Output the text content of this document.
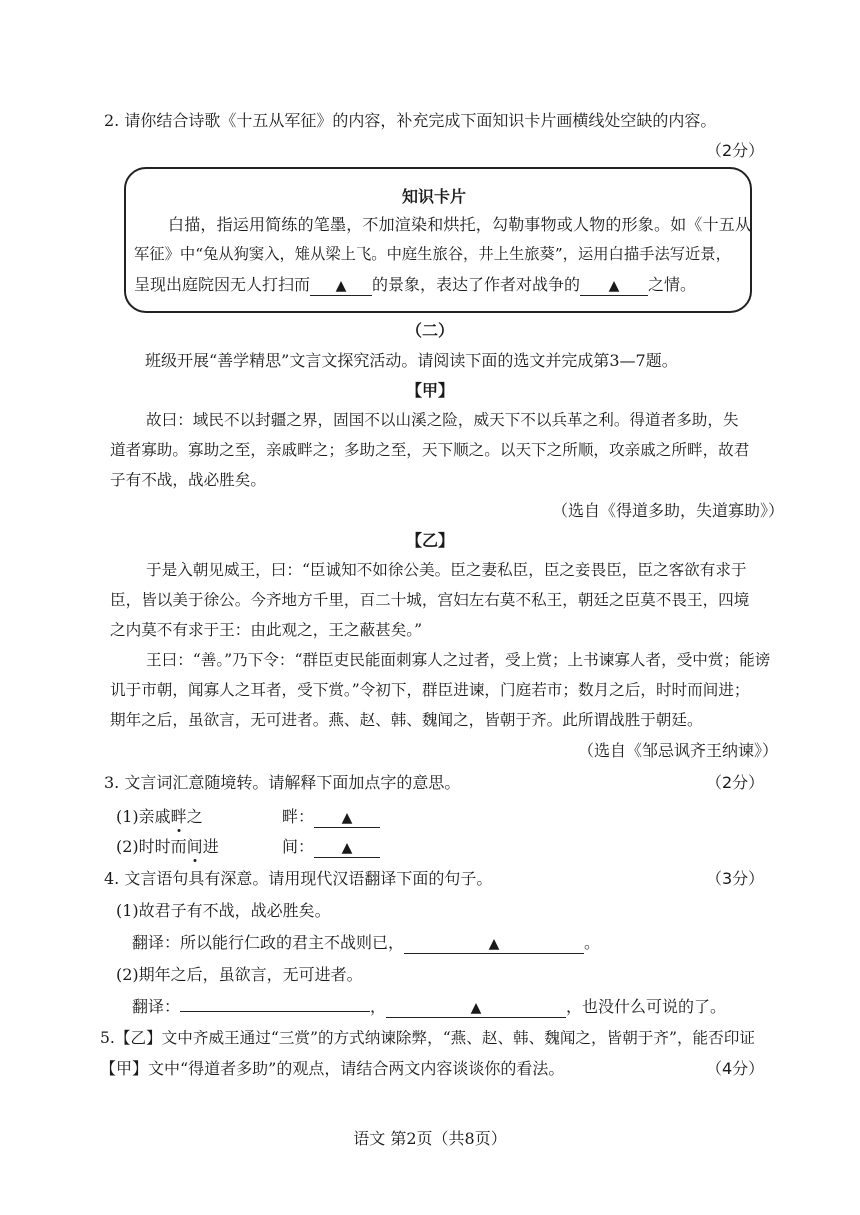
2. 请你结合诗歌《十五从军征》的内容，补充完成下面知识卡片画横线处空缺的内容。
（2分）
知识卡片
白描，指运用简练的笔墨，不加渲染和烘托，勾勒事物或人物的形象。如《十五从
军征》中“兔从狗窦入，雉从梁上飞。中庭生旅谷，井上生旅葵”，运用白描手法写近景，
呈现出庭院因无人打扫而 ▲ 的景象，表达了作者对战争的 ▲ 之情。
（二）
班级开展“善学精思”文言文探究活动。请阅读下面的选文并完成第3—7题。
【甲】
故曰：域民不以封疆之界，固国不以山溪之险，威天下不以兵革之利。得道者多助，失
道者寡助。寡助之至，亲戚畔之；多助之至，天下顺之。以天下之所顺，攻亲戚之所畔，故君
子有不战，战必胜矣。
（选自《得道多助，失道寡助》）
【乙】
于是入朝见威王，曰：“臣诚知不如徐公美。臣之妻私臣，臣之妾畏臣，臣之客欲有求于
臣，皆以美于徐公。今齐地方千里，百二十城，宫妇左右莫不私王，朝廷之臣莫不畏王，四境
之内莫不有求于王：由此观之，王之蔽甚矣。”
王曰：“善。”乃下令：“群臣吏民能面刺寡人之过者，受上赏；上书谏寡人者，受中赏；能谤
讥于市朝，闻寡人之耳者，受下赏。”令初下，群臣进谏，门庭若市；数月之后，时时而间进；
期年之后，虽欲言，无可进者。燕、赵、韩、魏闻之，皆朝于齐。此所谓战胜于朝廷。
（选自《邹忌讽齐王纳谏》）
3. 文言词汇意随境转。请解释下面加点字的意思。	（2分）
(1)亲戚畔之	畔： ▲
(2)时时而间进	间： ▲
4. 文言语句具有深意。请用现代汉语翻译下面的句子。	（3分）
(1)故君子有不战，战必胜矣。
翻译：所以能行仁政的君主不战则已，	▲	。
(2)期年之后，虽欲言，无可进者。
翻译：	，	▲	，也没什么可说的了。
5.【乙】文中齐威王通过“三赏”的方式纳谏除弊，“燕、赵、韩、魏闻之，皆朝于齐”，能否印证
【甲】文中“得道者多助”的观点，请结合两文内容谈谈你的看法。	（4分）
语文 第2页（共8页）
